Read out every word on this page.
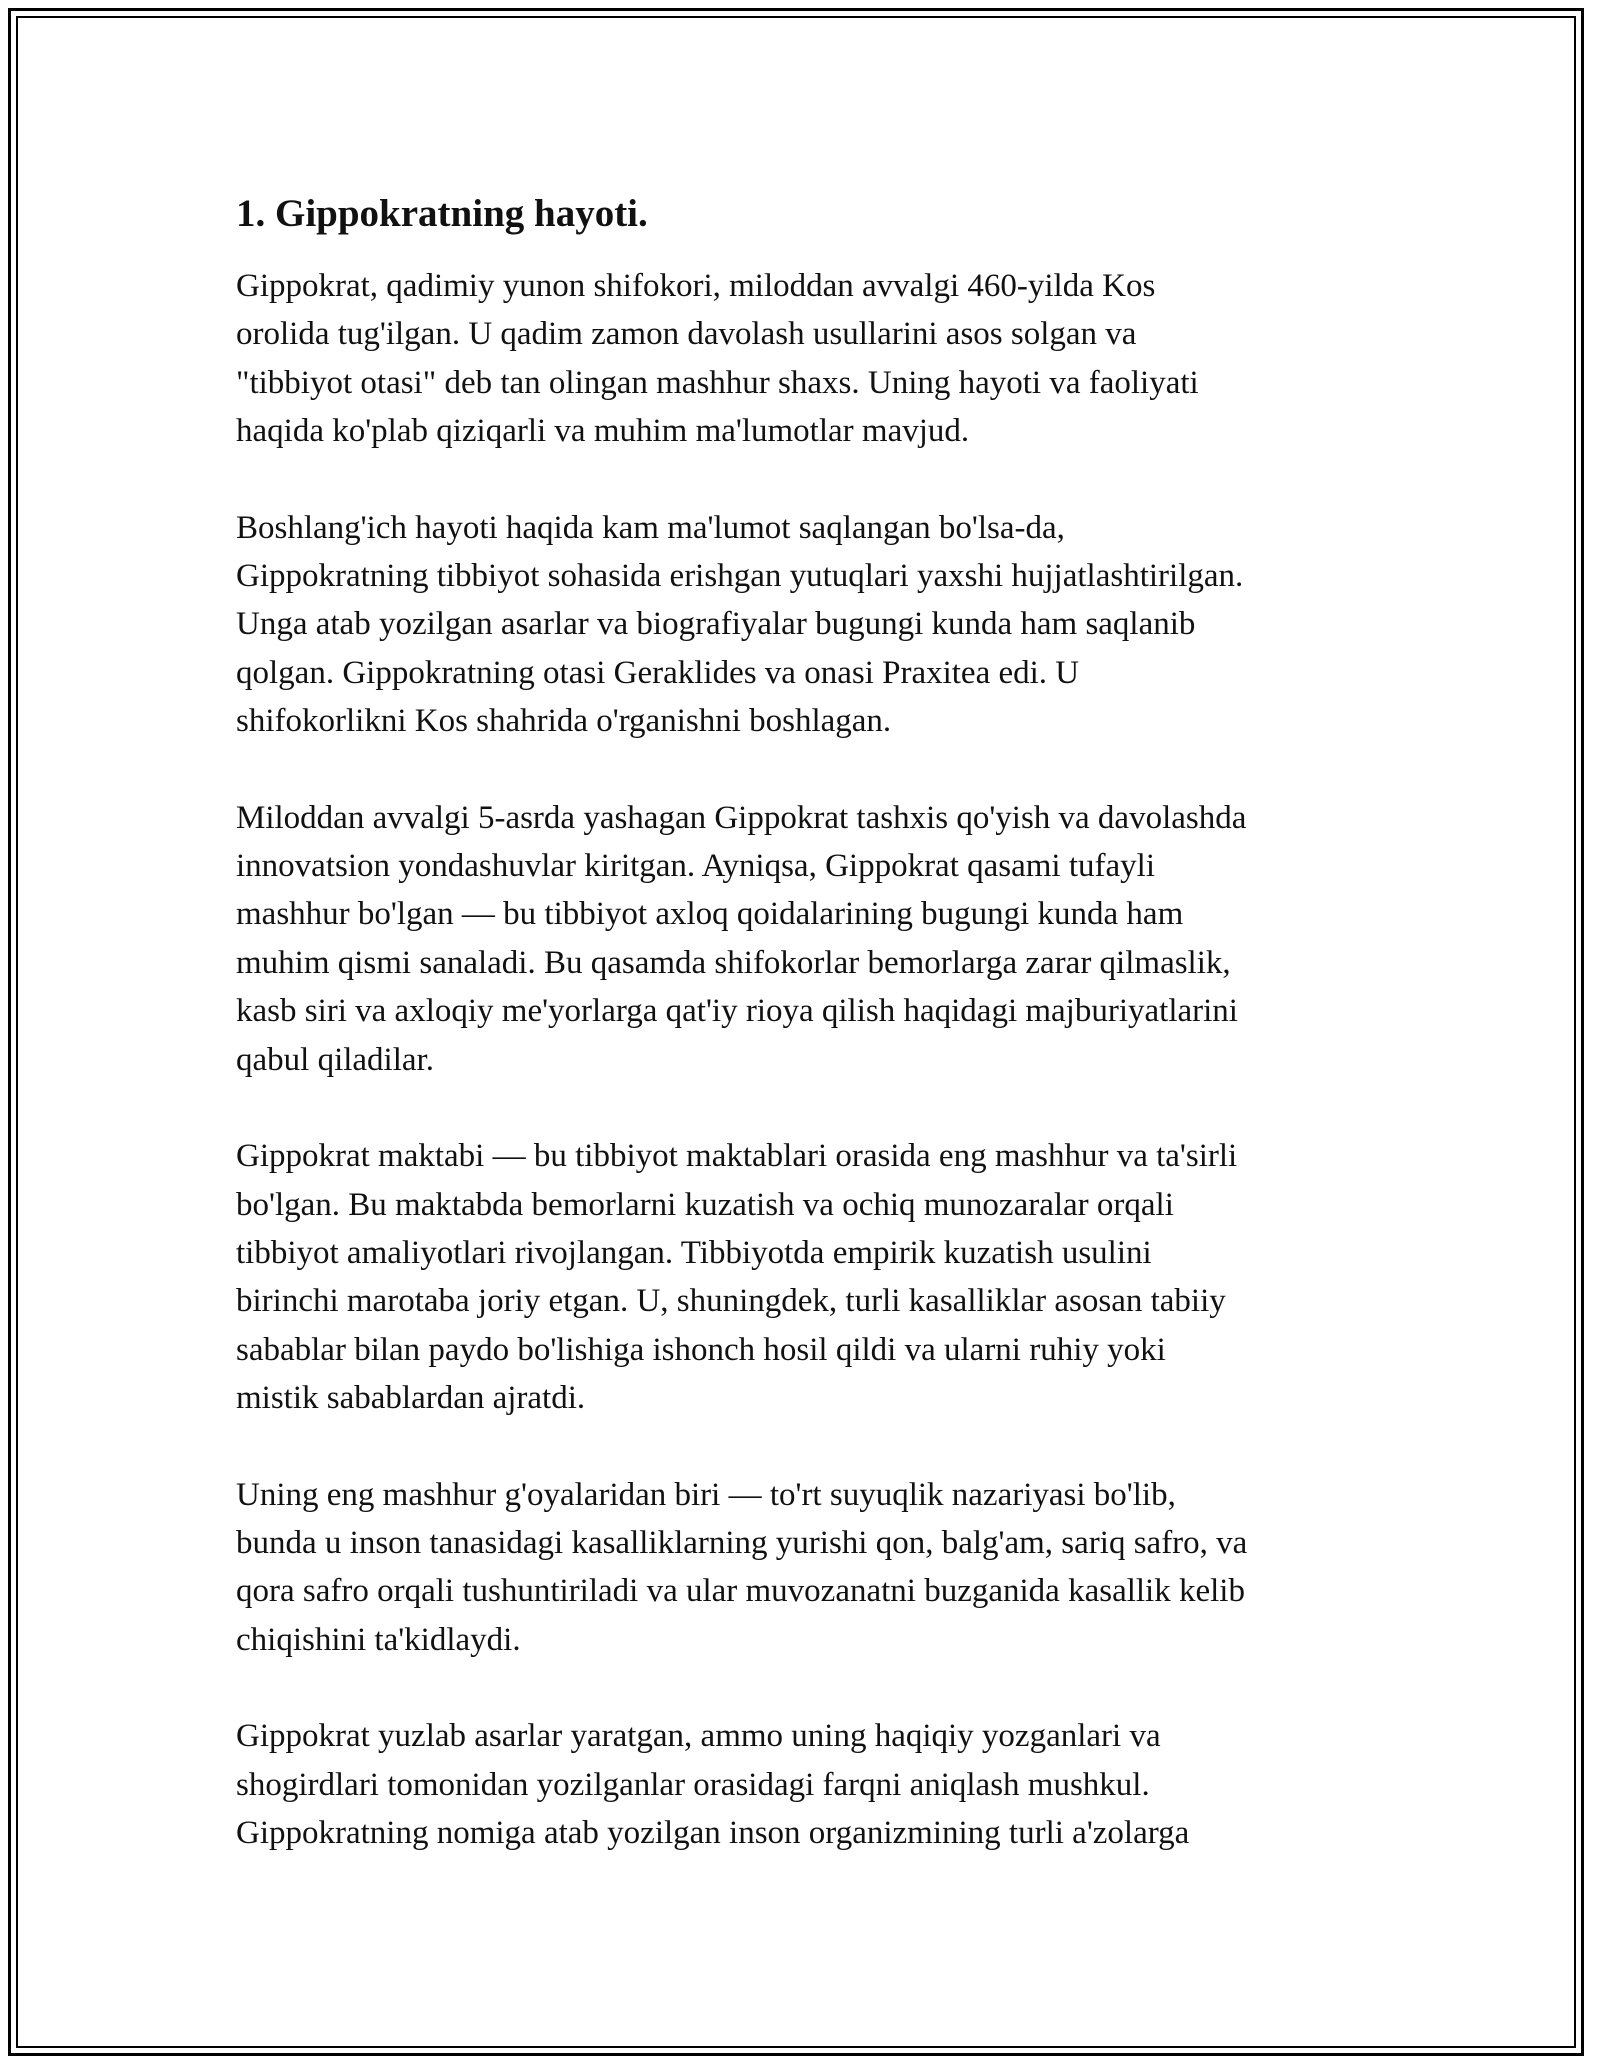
1. Gippokratning hayoti.

Gippokrat, qadimiy yunon shifokori, miloddan avvalgi 460-yilda Kos
orolida tug'ilgan. U qadim zamon davolash usullarini asos solgan va
"tibbiyot otasi" deb tan olingan mashhur shaxs. Uning hayoti va faoliyati
haqida ko'plab qiziqarli va muhim ma'lumotlar mavjud.

Boshlang'ich hayoti haqida kam ma'lumot saqlangan bo'lsa-da,
Gippokratning tibbiyot sohasida erishgan yutuqlari yaxshi hujjatlashtirilgan.
Unga atab yozilgan asarlar va biografiyalar bugungi kunda ham saqlanib
qolgan. Gippokratning otasi Geraklides va onasi Praxitea edi. U
shifokorlikni Kos shahrida o'rganishni boshlagan.

Miloddan avvalgi 5-asrda yashagan Gippokrat tashxis qo'yish va davolashda
innovatsion yondashuvlar kiritgan. Ayniqsa, Gippokrat qasami tufayli
mashhur bo'lgan — bu tibbiyot axloq qoidalarining bugungi kunda ham
muhim qismi sanaladi. Bu qasamda shifokorlar bemorlarga zarar qilmaslik,
kasb siri va axloqiy me'yorlarga qat'iy rioya qilish haqidagi majburiyatlarini
qabul qiladilar.

Gippokrat maktabi — bu tibbiyot maktablari orasida eng mashhur va ta'sirli
bo'lgan. Bu maktabda bemorlarni kuzatish va ochiq munozaralar orqali
tibbiyot amaliyotlari rivojlangan. Tibbiyotda empirik kuzatish usulini
birinchi marotaba joriy etgan. U, shuningdek, turli kasalliklar asosan tabiiy
sabablar bilan paydo bo'lishiga ishonch hosil qildi va ularni ruhiy yoki
mistik sabablardan ajratdi.

Uning eng mashhur g'oyalaridan biri — to'rt suyuqlik nazariyasi bo'lib,
bunda u inson tanasidagi kasalliklarning yurishi qon, balg'am, sariq safro, va
qora safro orqali tushuntiriladi va ular muvozanatni buzganida kasallik kelib
chiqishini ta'kidlaydi.

Gippokrat yuzlab asarlar yaratgan, ammo uning haqiqiy yozganlari va
shogirdlari tomonidan yozilganlar orasidagi farqni aniqlash mushkul.
Gippokratning nomiga atab yozilgan inson organizmining turli a'zolarga
